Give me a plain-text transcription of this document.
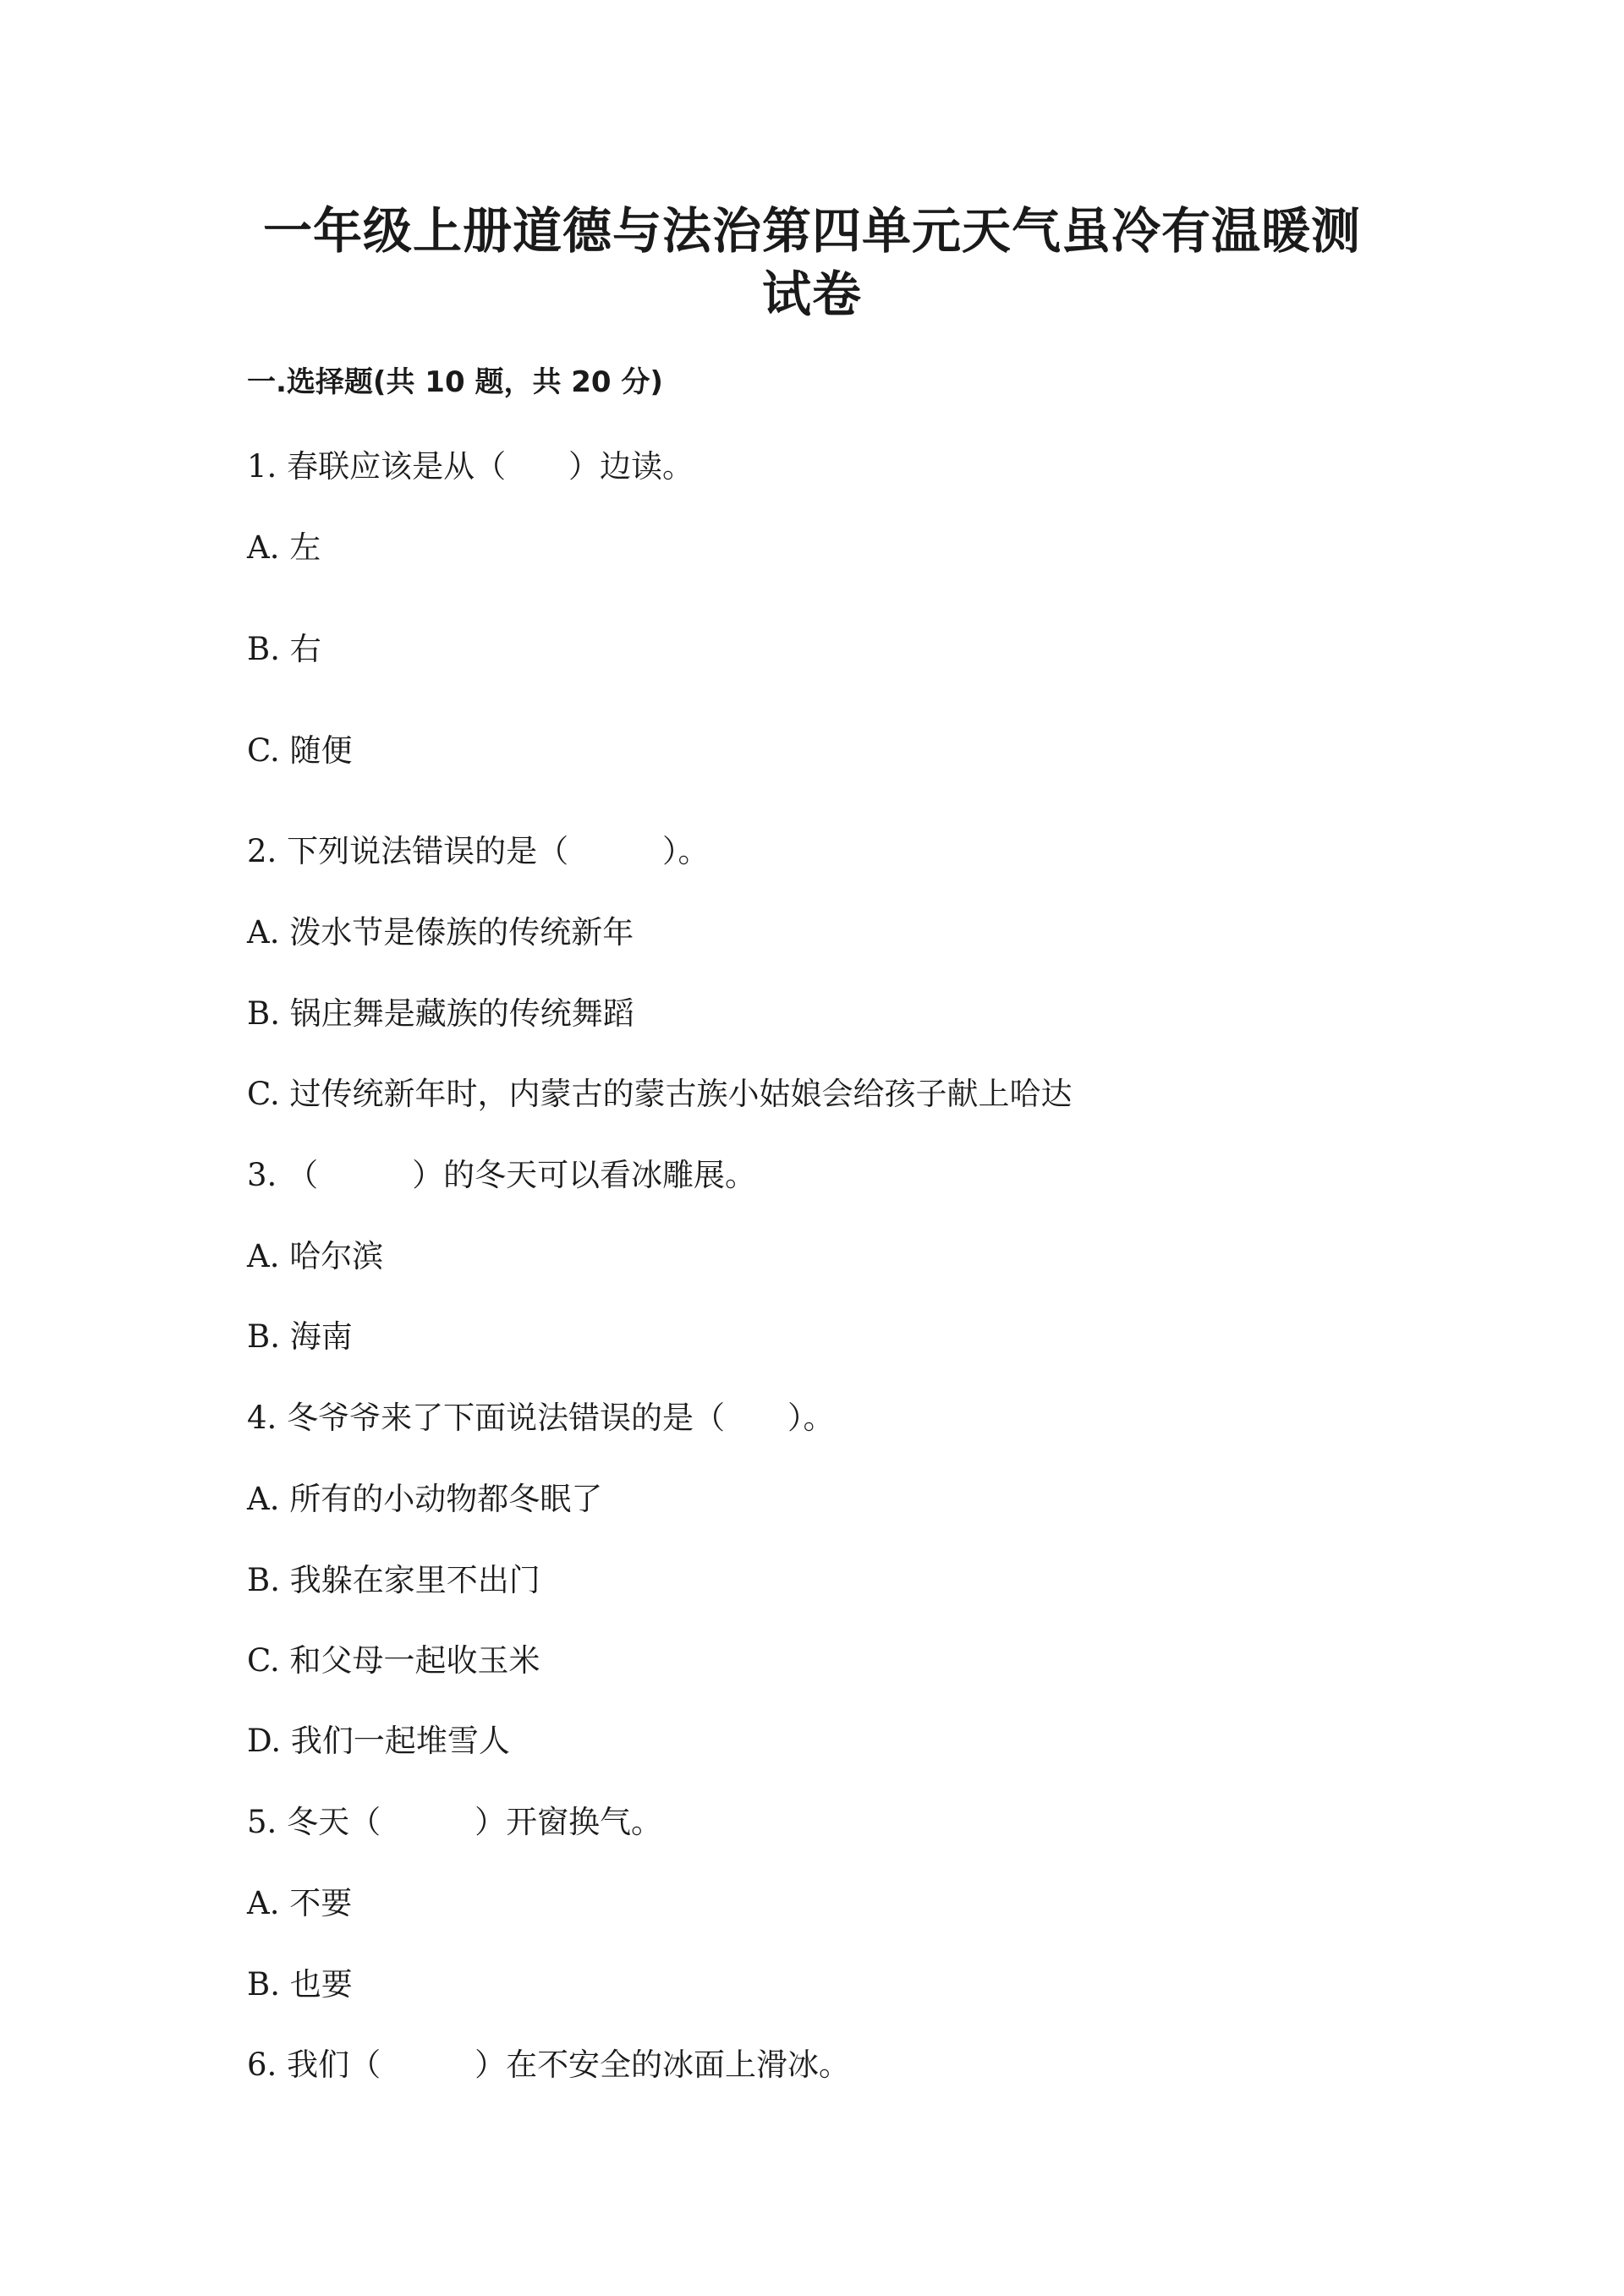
一年级上册道德与法治第四单元天气虽冷有温暖测
试卷
一.选择题(共 10 题，共 20 分)

1. 春联应该是从（　　）边读。

A. 左

B. 右

C. 随便

2. 下列说法错误的是（　　　）。

A. 泼水节是傣族的传统新年

B. 锅庄舞是藏族的传统舞蹈

C. 过传统新年时，内蒙古的蒙古族小姑娘会给孩子献上哈达

3. （　　　）的冬天可以看冰雕展。

A. 哈尔滨

B. 海南

4. 冬爷爷来了下面说法错误的是（　　）。

A. 所有的小动物都冬眠了

B. 我躲在家里不出门

C. 和父母一起收玉米

D. 我们一起堆雪人

5. 冬天（　　　）开窗换气。

A. 不要

B. 也要

6. 我们（　　　）在不安全的冰面上滑冰。
